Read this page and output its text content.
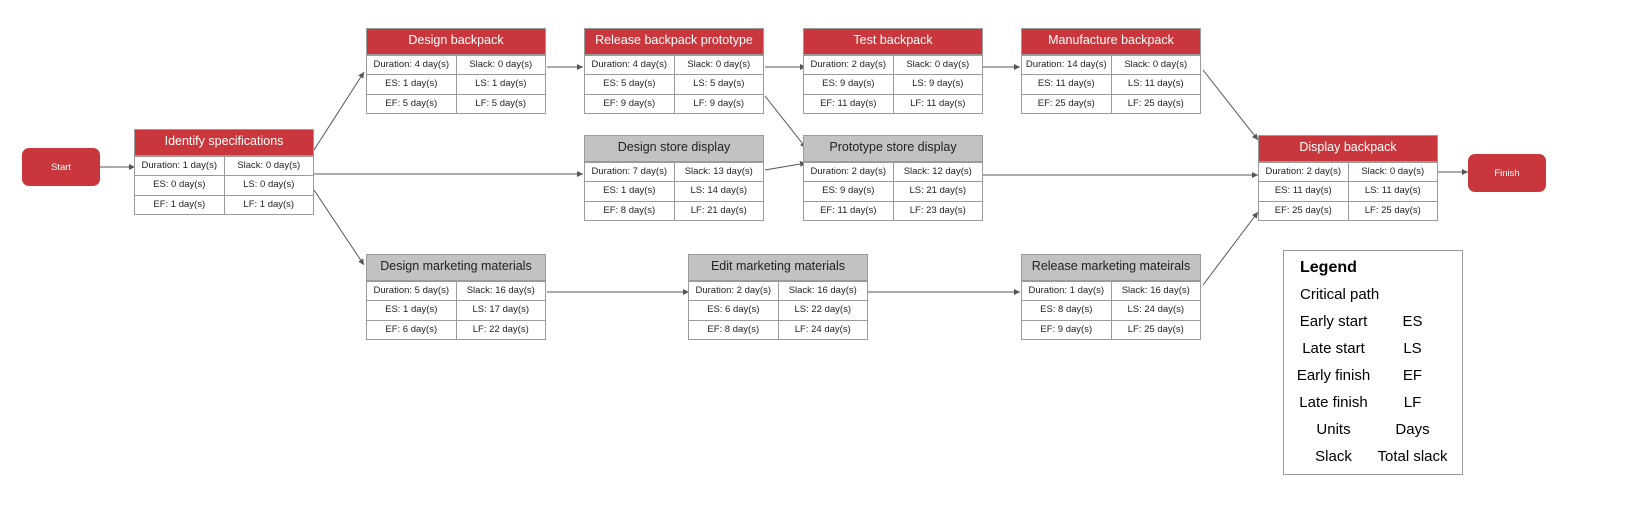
Start
Finish
Identify specifications
Duration: 1 day(s)	Slack: 0 day(s)
ES: 0 day(s)	LS: 0 day(s)
EF: 1 day(s)	LF: 1 day(s)
Design backpack
Duration: 4 day(s)	Slack: 0 day(s)
ES: 1 day(s)	LS: 1 day(s)
EF: 5 day(s)	LF: 5 day(s)
Release backpack prototype
Duration: 4 day(s)	Slack: 0 day(s)
ES: 5 day(s)	LS: 5 day(s)
EF: 9 day(s)	LF: 9 day(s)
Test backpack
Duration: 2 day(s)	Slack: 0 day(s)
ES: 9 day(s)	LS: 9 day(s)
EF: 11 day(s)	LF: 11 day(s)
Manufacture backpack
Duration: 14 day(s)	Slack: 0 day(s)
ES: 11 day(s)	LS: 11 day(s)
EF: 25 day(s)	LF: 25 day(s)
Design store display
Duration: 7 day(s)	Slack: 13 day(s)
ES: 1 day(s)	LS: 14 day(s)
EF: 8 day(s)	LF: 21 day(s)
Prototype store display
Duration: 2 day(s)	Slack: 12 day(s)
ES: 9 day(s)	LS: 21 day(s)
EF: 11 day(s)	LF: 23 day(s)
Display backpack
Duration: 2 day(s)	Slack: 0 day(s)
ES: 11 day(s)	LS: 11 day(s)
EF: 25 day(s)	LF: 25 day(s)
Design marketing materials
Duration: 5 day(s)	Slack: 16 day(s)
ES: 1 day(s)	LS: 17 day(s)
EF: 6 day(s)	LF: 22 day(s)
Edit marketing materials
Duration: 2 day(s)	Slack: 16 day(s)
ES: 6 day(s)	LS: 22 day(s)
EF: 8 day(s)	LF: 24 day(s)
Release marketing mateirals
Duration: 1 day(s)	Slack: 16 day(s)
ES: 8 day(s)	LS: 24 day(s)
EF: 9 day(s)	LF: 25 day(s)
Legend
Critical path
Early start	ES
Late start	LS
Early finish	EF
Late finish	LF
Units	Days
Slack	Total slack
